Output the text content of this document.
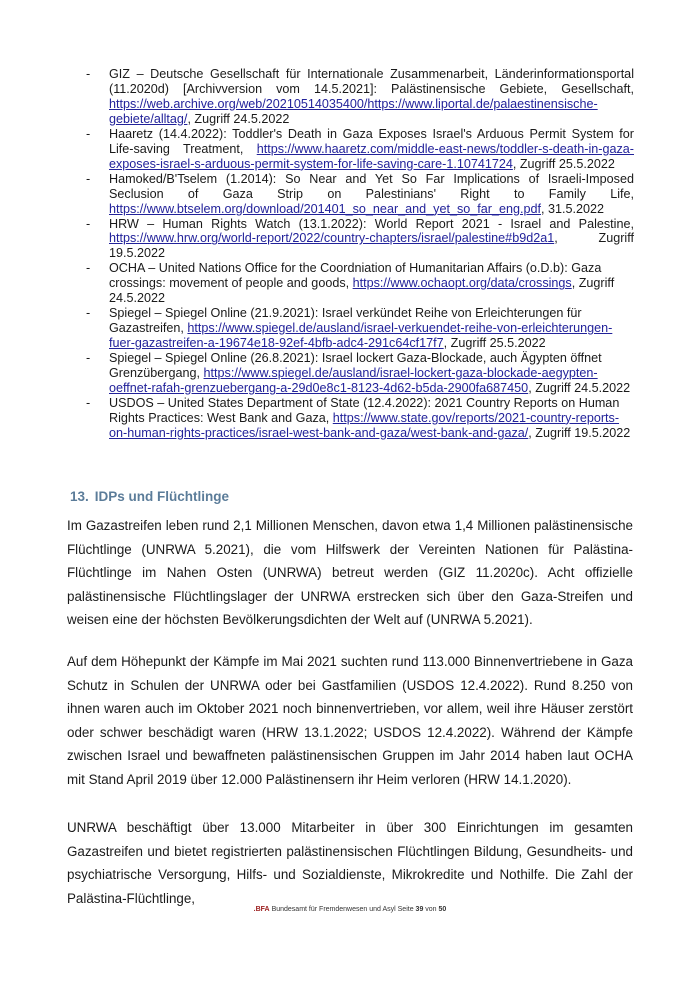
- GIZ – Deutsche Gesellschaft für Internationale Zusammenarbeit, Länderinformationsportal (11.2020d) [Archivversion vom 14.5.2021]: Palästinensische Gebiete, Gesellschaft, https://web.archive.org/web/20210514035400/https://www.liportal.de/palaestinensische-gebiete/alltag/, Zugriff 24.5.2022
- Haaretz (14.4.2022): Toddler's Death in Gaza Exposes Israel's Arduous Permit System for Life-saving Treatment, https://www.haaretz.com/middle-east-news/toddler-s-death-in-gaza-exposes-israel-s-arduous-permit-system-for-life-saving-care-1.10741724, Zugriff 25.5.2022
- Hamoked/B'Tselem (1.2014): So Near and Yet So Far Implications of Israeli-Imposed Seclusion of Gaza Strip on Palestinians' Right to Family Life, https://www.btselem.org/download/201401_so_near_and_yet_so_far_eng.pdf, 31.5.2022
- HRW – Human Rights Watch (13.1.2022): World Report 2021 - Israel and Palestine, https://www.hrw.org/world-report/2022/country-chapters/israel/palestine#b9d2a1, Zugriff 19.5.2022
- OCHA – United Nations Office for the Coordniation of Humanitarian Affairs (o.D.b): Gaza crossings: movement of people and goods, https://www.ochaopt.org/data/crossings, Zugriff 24.5.2022
- Spiegel – Spiegel Online (21.9.2021): Israel verkündet Reihe von Erleichterungen für Gazastreifen, https://www.spiegel.de/ausland/israel-verkuendet-reihe-von-erleichterungen-fuer-gazastreifen-a-19674e18-92ef-4bfb-adc4-291c64cf17f7, Zugriff 25.5.2022
- Spiegel – Spiegel Online (26.8.2021): Israel lockert Gaza-Blockade, auch Ägypten öffnet Grenzübergang, https://www.spiegel.de/ausland/israel-lockert-gaza-blockade-aegypten-oeffnet-rafah-grenzuebergang-a-29d0e8c1-8123-4d62-b5da-2900fa687450, Zugriff 24.5.2022
- USDOS – United States Department of State (12.4.2022): 2021 Country Reports on Human Rights Practices: West Bank and Gaza, https://www.state.gov/reports/2021-country-reports-on-human-rights-practices/israel-west-bank-and-gaza/west-bank-and-gaza/, Zugriff 19.5.2022
13. IDPs und Flüchtlinge

Im Gazastreifen leben rund 2,1 Millionen Menschen, davon etwa 1,4 Millionen palästinensische Flüchtlinge (UNRWA 5.2021), die vom Hilfswerk der Vereinten Nationen für Palästina-Flüchtlinge im Nahen Osten (UNRWA) betreut werden (GIZ 11.2020c). Acht offizielle palästinensische Flüchtlingslager der UNRWA erstrecken sich über den Gaza-Streifen und weisen eine der höchsten Bevölkerungsdichten der Welt auf (UNRWA 5.2021).

Auf dem Höhepunkt der Kämpfe im Mai 2021 suchten rund 113.000 Binnenvertriebene in Gaza Schutz in Schulen der UNRWA oder bei Gastfamilien (USDOS 12.4.2022). Rund 8.250 von ihnen waren auch im Oktober 2021 noch binnenvertrieben, vor allem, weil ihre Häuser zerstört oder schwer beschädigt waren (HRW 13.1.2022; USDOS 12.4.2022). Während der Kämpfe zwischen Israel und bewaffneten palästinensischen Gruppen im Jahr 2014 haben laut OCHA mit Stand April 2019 über 12.000 Palästinensern ihr Heim verloren (HRW 14.1.2020).

UNRWA beschäftigt über 13.000 Mitarbeiter in über 300 Einrichtungen im gesamten Gazastreifen und bietet registrierten palästinensischen Flüchtlingen Bildung, Gesundheits- und psychiatrische Versorgung, Hilfs- und Sozialdienste, Mikrokredite und Nothilfe. Die Zahl der Palästina-Flüchtlinge,

.BFA Bundesamt für Fremdenwesen und Asyl Seite 39 von 50
